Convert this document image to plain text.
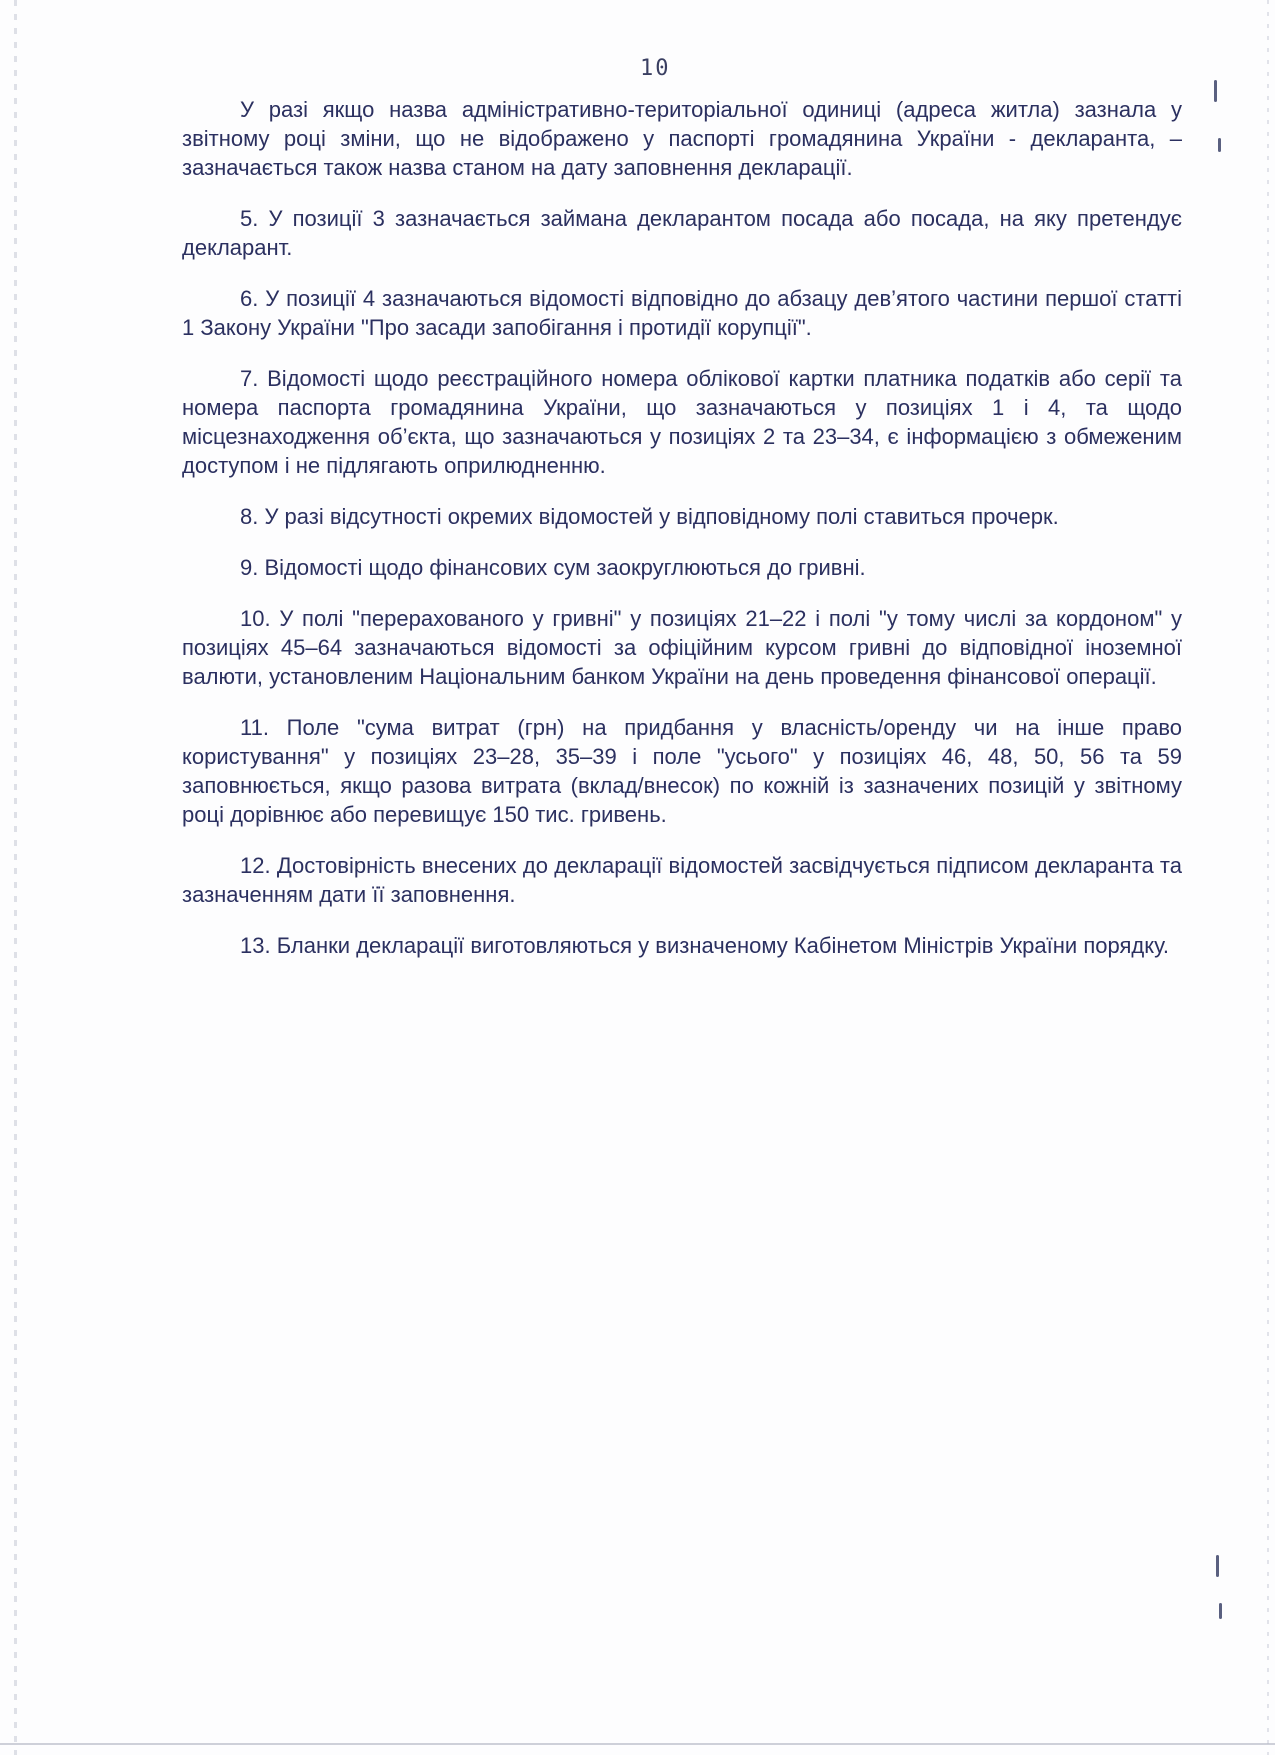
10

У разі якщо назва адміністративно-територіальної одиниці (адреса житла) зазнала у звітному році зміни, що не відображено у паспорті громадянина України - декларанта, – зазначається також назва станом на дату заповнення декларації.

5. У позиції 3 зазначається займана декларантом посада або посада, на яку претендує декларант.

6. У позиції 4 зазначаються відомості відповідно до абзацу дев’ятого частини першої статті 1 Закону України "Про засади запобігання і протидії корупції".

7. Відомості щодо реєстраційного номера облікової картки платника податків або серії та номера паспорта громадянина України, що зазначаються у позиціях 1 і 4, та щодо місцезнаходження об’єкта, що зазначаються у позиціях 2 та 23–34, є інформацією з обмеженим доступом і не підлягають оприлюдненню.

8. У разі відсутності окремих відомостей у відповідному полі ставиться прочерк.

9. Відомості щодо фінансових сум заокруглюються до гривні.

10. У полі "перерахованого у гривні" у позиціях 21–22 і полі "у тому числі за кордоном" у позиціях 45–64 зазначаються відомості за офіційним курсом гривні до відповідної іноземної валюти, установленим Національним банком України на день проведення фінансової операції.

11. Поле "сума витрат (грн) на придбання у власність/оренду чи на інше право користування" у позиціях 23–28, 35–39 і поле "усього" у позиціях 46, 48, 50, 56 та 59 заповнюється, якщо разова витрата (вклад/внесок) по кожній із зазначених позицій у звітному році дорівнює або перевищує 150 тис. гривень.

12. Достовірність внесених до декларації відомостей засвідчується підписом декларанта та зазначенням дати її заповнення.

13. Бланки декларації виготовляються у визначеному Кабінетом Міністрів України порядку.
